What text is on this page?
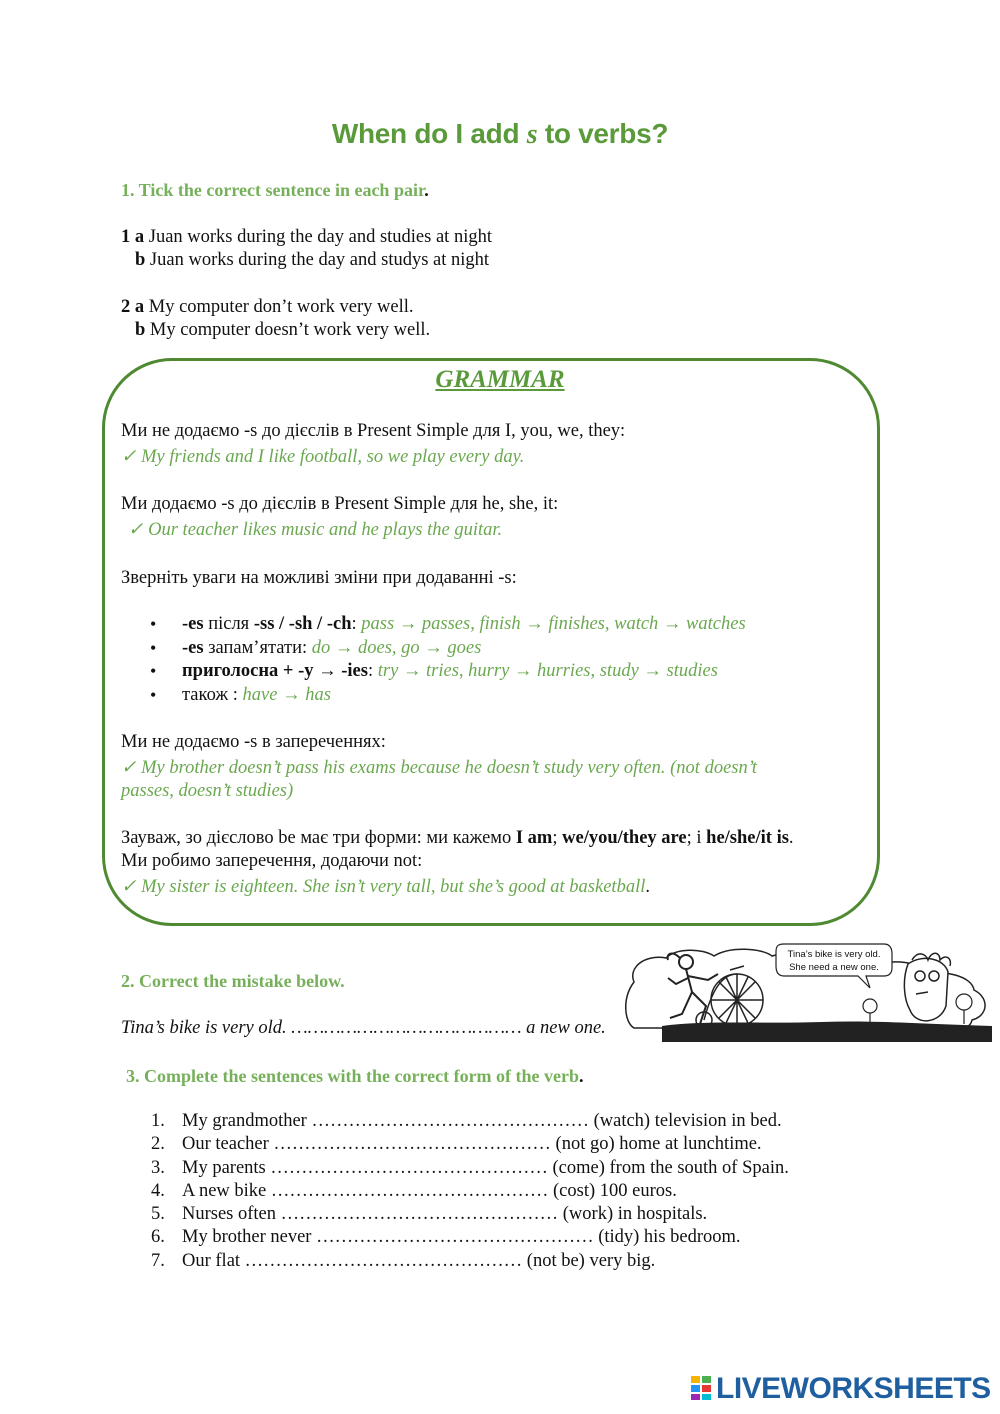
When do I add s to verbs?
1. Tick the correct sentence in each pair.
1 a Juan works during the day and studies at night
b Juan works during the day and studys at night
2 a My computer don’t work very well.
b My computer doesn’t work very well.
GRAMMAR
Ми не додаємо -s до дієслів в Present Simple для I, you, we, they:
✓ My friends and I like football, so we play every day.
Ми додаємо -s до дієслів в Present Simple для he, she, it:
✓ Our teacher likes music and he plays the guitar.
Зверніть уваги на можливі зміни при додаванні -s:
• -es після -ss / -sh / -ch: pass → passes, finish → finishes, watch → watches
• -es запам’ятати: do → does, go → goes
• приголосна + -y → -ies: try → tries, hurry → hurries, study → studies
• також : have → has
Ми не додаємо -s в запереченнях:
✓ My brother doesn’t pass his exams because he doesn’t study very often. (not doesn’t
passes, doesn’t studies)
Зауваж, зо дієслово be має три форми: ми кажемо I am; we/you/they are; і he/she/it is.
Ми робимо заперечення, додаючи not:
✓ My sister is eighteen. She isn’t very tall, but she’s good at basketball.
2. Correct the mistake below.
Tina’s bike is very old. …………………………………… a new one.
Tina’s bike is very old.
She need a new one.
3. Complete the sentences with the correct form of the verb.
1. My grandmother ……………………………………… (watch) television in bed.
2. Our teacher ……………………………………… (not go) home at lunchtime.
3. My parents ……………………………………… (come) from the south of Spain.
4. A new bike ……………………………………… (cost) 100 euros.
5. Nurses often ……………………………………… (work) in hospitals.
6. My brother never ……………………………………… (tidy) his bedroom.
7. Our flat ……………………………………… (not be) very big.
LIVEWORKSHEETS
